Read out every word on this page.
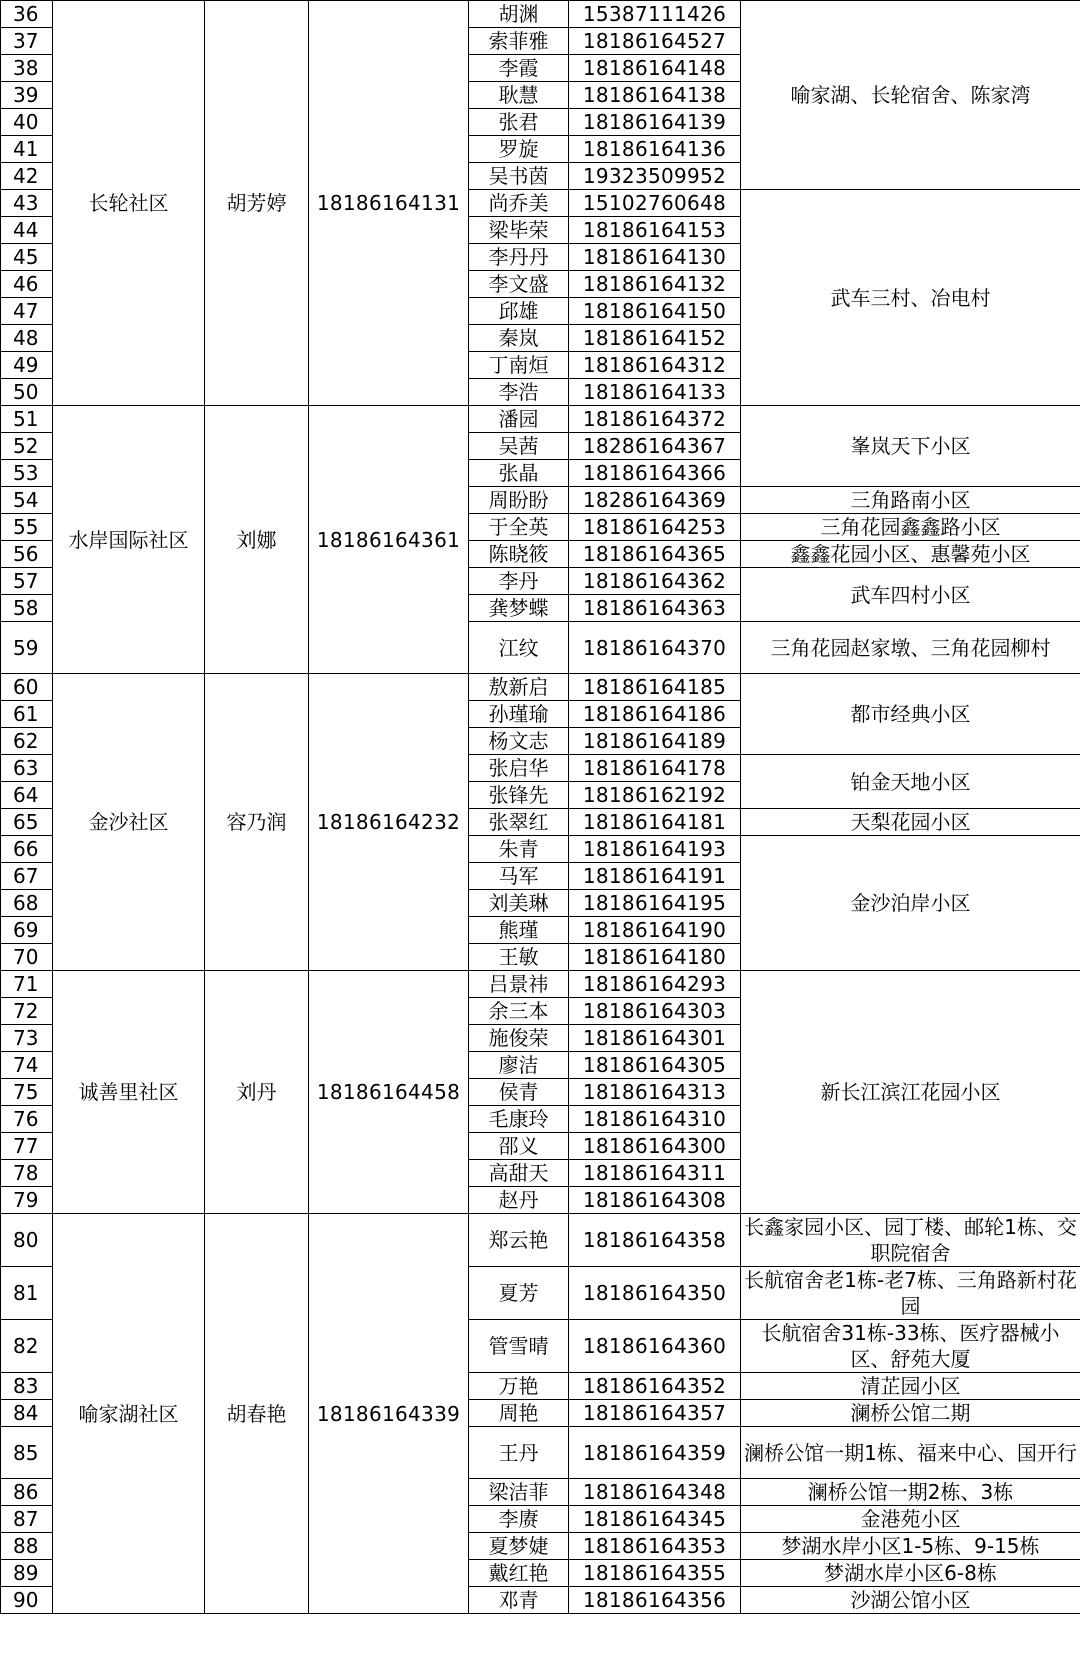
36	长轮社区	胡芳婷	18186164131	胡渊	15387111426	喻家湖、长轮宿舍、陈家湾
37				索菲雅	18186164527	
38				李霞	18186164148	
39				耿慧	18186164138	
40				张君	18186164139	
41				罗旋	18186164136	
42				吴书茵	19323509952	
43				尚乔美	15102760648	武车三村、冶电村
44				梁毕荣	18186164153	
45				李丹丹	18186164130	
46				李文盛	18186164132	
47				邱雄	18186164150	
48				秦岚	18186164152	
49				丁南烜	18186164312	
50				李浩	18186164133	
51	水岸国际社区	刘娜	18186164361	潘园	18186164372	峯岚天下小区
52				吴茜	18286164367	
53				张晶	18186164366	
54				周盼盼	18286164369	三角路南小区
55				于全英	18186164253	三角花园鑫鑫路小区
56				陈晓筱	18186164365	鑫鑫花园小区、惠馨苑小区
57				李丹	18186164362	武车四村小区
58				龚梦蝶	18186164363	
59				江纹	18186164370	三角花园赵家墩、三角花园柳村
60	金沙社区	容乃润	18186164232	敖新启	18186164185	都市经典小区
61				孙瑾瑜	18186164186	
62				杨文志	18186164189	
63				张启华	18186164178	铂金天地小区
64				张锋先	18186162192	
65				张翠红	18186164181	天梨花园小区
66				朱青	18186164193	金沙泊岸小区
67				马军	18186164191	
68				刘美琳	18186164195	
69				熊瑾	18186164190	
70				王敏	18186164180	
71	诚善里社区	刘丹	18186164458	吕景祎	18186164293	新长江滨江花园小区
72				余三本	18186164303	
73				施俊荣	18186164301	
74				廖洁	18186164305	
75				侯青	18186164313	
76				毛康玲	18186164310	
77				邵义	18186164300	
78				高甜天	18186164311	
79				赵丹	18186164308	
80	喻家湖社区	胡春艳	18186164339	郑云艳	18186164358	长鑫家园小区、园丁楼、邮轮1栋、交职院宿舍
81				夏芳	18186164350	长航宿舍老1栋-老7栋、三角路新村花园
82				管雪晴	18186164360	长航宿舍31栋-33栋、医疗器械小区、舒苑大厦
83				万艳	18186164352	清芷园小区
84				周艳	18186164357	澜桥公馆二期
85				王丹	18186164359	澜桥公馆一期1栋、福来中心、国开行
86				梁洁菲	18186164348	澜桥公馆一期2栋、3栋
87				李赓	18186164345	金港苑小区
88				夏梦婕	18186164353	梦湖水岸小区1-5栋、9-15栋
89				戴红艳	18186164355	梦湖水岸小区6-8栋
90				邓青	18186164356	沙湖公馆小区
